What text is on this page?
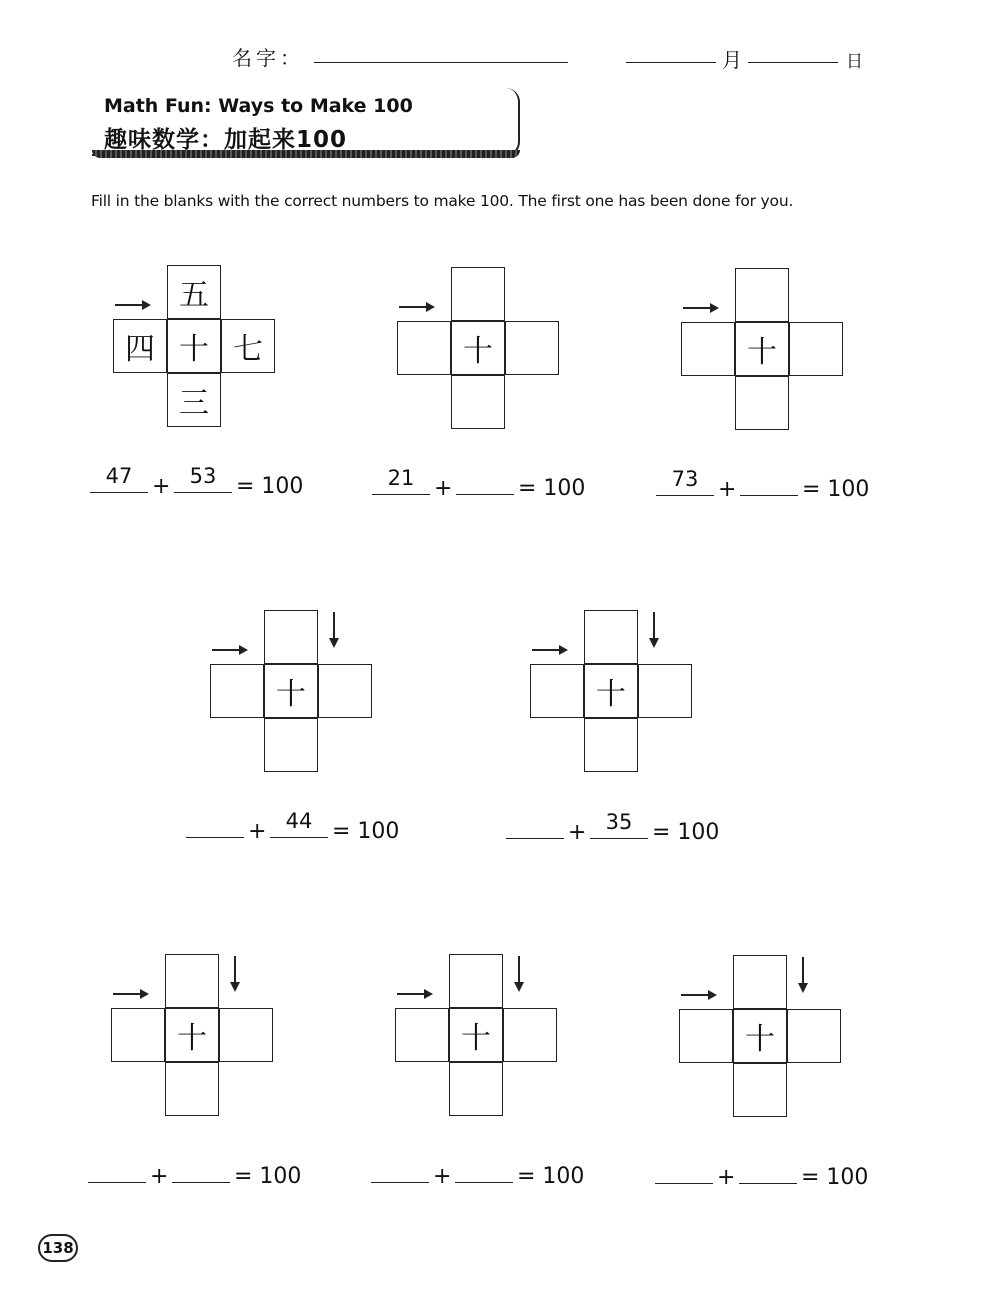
名字：	月	日
Math Fun: Ways to Make 100
趣味数学：加起来100
Fill in the blanks with the correct numbers to make 100. The first one has been done for you.
五
四 十 七
三
47 + 53 = 100
十
21 +	= 100
十
73 +	= 100
十
+ 44 = 100
十
+ 35 = 100
十
+	= 100
十
+	= 100
十
+	= 100
138
